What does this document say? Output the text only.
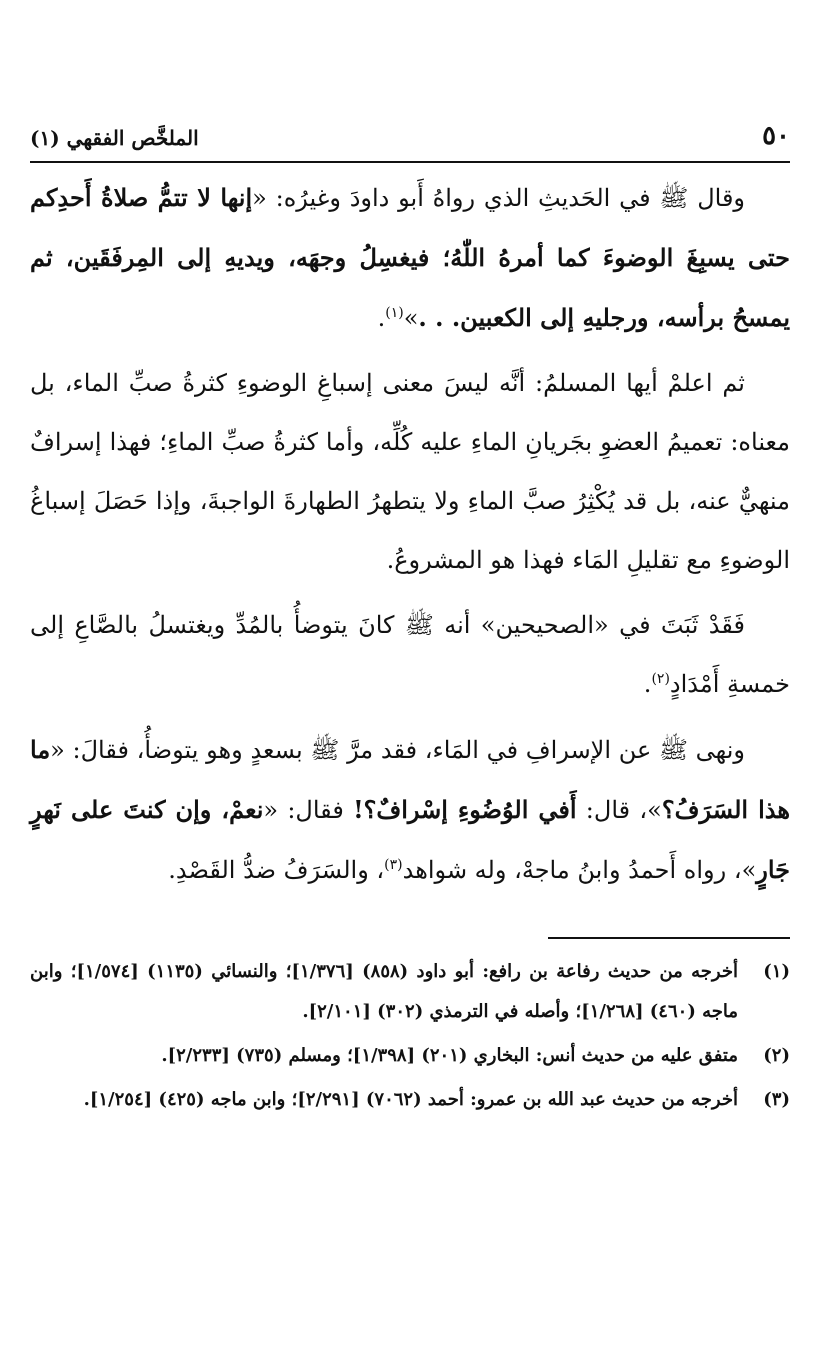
٥٠
الملخَّص الفقهي (١)

وقال ﷺ في الحَديثِ الذي رواهُ أَبو داودَ وغيرُه: «إنها لا تتمُّ صلاةُ أَحدِكم حتى يسبِغَ الوضوءَ كما أمرهُ اللّٰهُ؛ فيغسِلُ وجهَه، ويديهِ إلى المِرفَقَين، ثم يمسحُ برأسه، ورجليهِ إلى الكعبين. . .»$^{(١)}$.

ثم اعلمْ أيها المسلمُ: أنَّه ليسَ معنى إسباغِ الوضوءِ كثرةُ صبِّ الماء، بل معناه: تعميمُ العضوِ بجَريانِ الماءِ عليه كُلِّه، وأما كثرةُ صبِّ الماءِ؛ فهذا إسرافٌ منهيٌّ عنه، بل قد يُكْثِرُ صبَّ الماءِ ولا يتطهرُ الطهارةَ الواجبةَ، وإذا حَصَلَ إسباغُ الوضوءِ مع تقليلِ المَاء فهذا هو المشروعُ.

فَقَدْ ثَبَتَ في «الصحيحين» أنه ﷺ كانَ يتوضأُ بالمُدِّ ويغتسلُ بالصَّاعِ إلى خمسةِ أَمْدَادٍ$^{(٢)}$.

ونهى ﷺ عن الإسرافِ في المَاء، فقد مرَّ ﷺ بسعدٍ وهو يتوضأُ، فقالَ: «ما هذا السَرَفُ؟»، قال: أَفي الوُضُوءِ إسْرافٌ؟! فقال: «نعمْ، وإن كنتَ على نَهرٍ جَارٍ»، رواه أَحمدُ وابنُ ماجهْ، وله شواهد$^{(٣)}$، والسَرَفُ ضدُّ القَصْدِ.

(١)
أخرجه من حديث رفاعة بن رافع: أبو داود (٨٥٨) [١/٣٧٦]؛ والنسائي (١١٣٥) [١/٥٧٤]؛ وابن ماجه (٤٦٠) [١/٢٦٨]؛ وأصله في الترمذي (٣٠٢) [٢/١٠١].
(٢)
متفق عليه من حديث أنس: البخاري (٢٠١) [١/٣٩٨]؛ ومسلم (٧٣٥) [٢/٢٣٣].
(٣)
أخرجه من حديث عبد الله بن عمرو: أحمد (٧٠٦٢) [٢/٢٩١]؛ وابن ماجه (٤٢٥) [١/٢٥٤].
